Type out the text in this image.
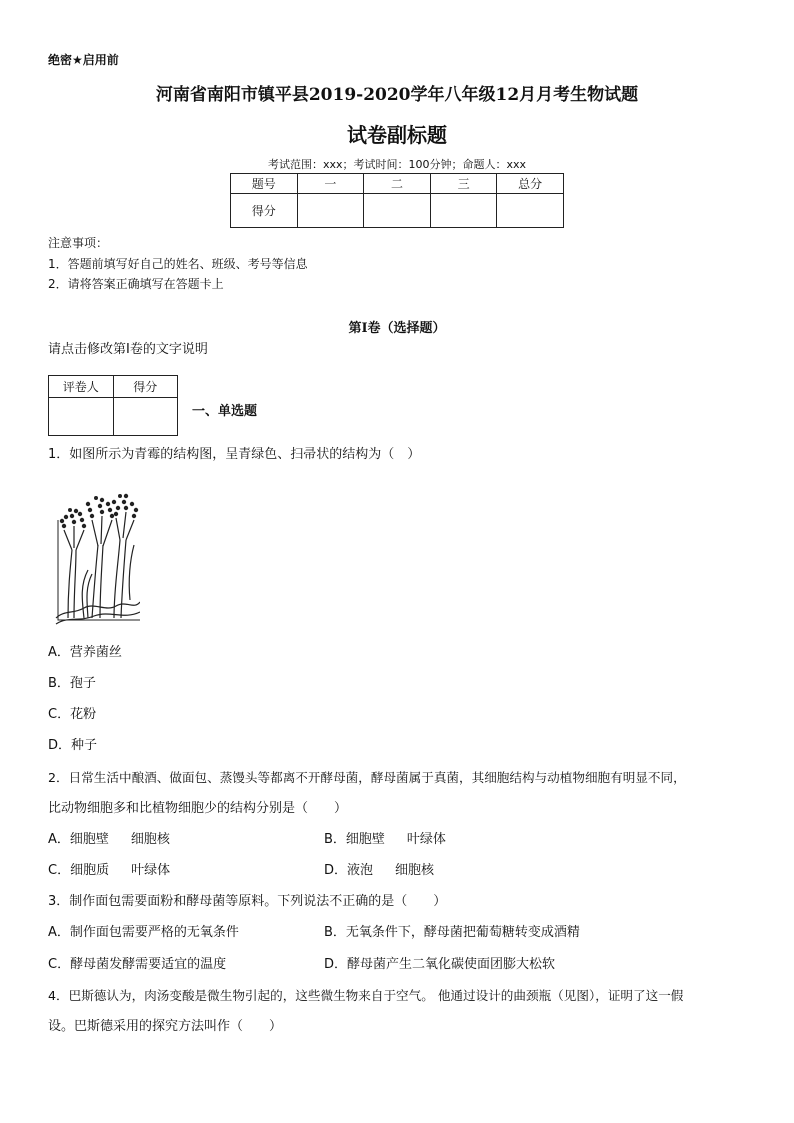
绝密★启用前
河南省南阳市镇平县2019-2020学年八年级12月月考生物试题
试卷副标题
考试范围：xxx；考试时间：100分钟；命题人：xxx
题号	一	二	三	总分
得分				
注意事项：
1．答题前填写好自己的姓名、班级、考号等信息
2．请将答案正确填写在答题卡上
第I卷（选择题）
请点击修改第I卷的文字说明
评卷人	得分

一、单选题
1．如图所示为青霉的结构图，呈青绿色、扫帚状的结构为（　）
A．营养菌丝
B．孢子
C．花粉
D．种子
2．日常生活中酿酒、做面包、蒸馒头等都离不开酵母菌，酵母菌属于真菌，其细胞结构与动植物细胞有明显不同，
比动物细胞多和比植物细胞少的结构分别是（　　）
A．细胞壁 细胞核	B．细胞壁 叶绿体
C．细胞质 叶绿体	D．液泡 细胞核
3．制作面包需要面粉和酵母菌等原料。下列说法不正确的是（　　）
A．制作面包需要严格的无氧条件	B．无氧条件下，酵母菌把葡萄糖转变成酒精
C．酵母菌发酵需要适宜的温度	D．酵母菌产生二氧化碳使面团膨大松软
4．巴斯德认为，肉汤变酸是微生物引起的，这些微生物来自于空气。 他通过设计的曲颈瓶（见图），证明了这一假
设。巴斯德采用的探究方法叫作（　　）
